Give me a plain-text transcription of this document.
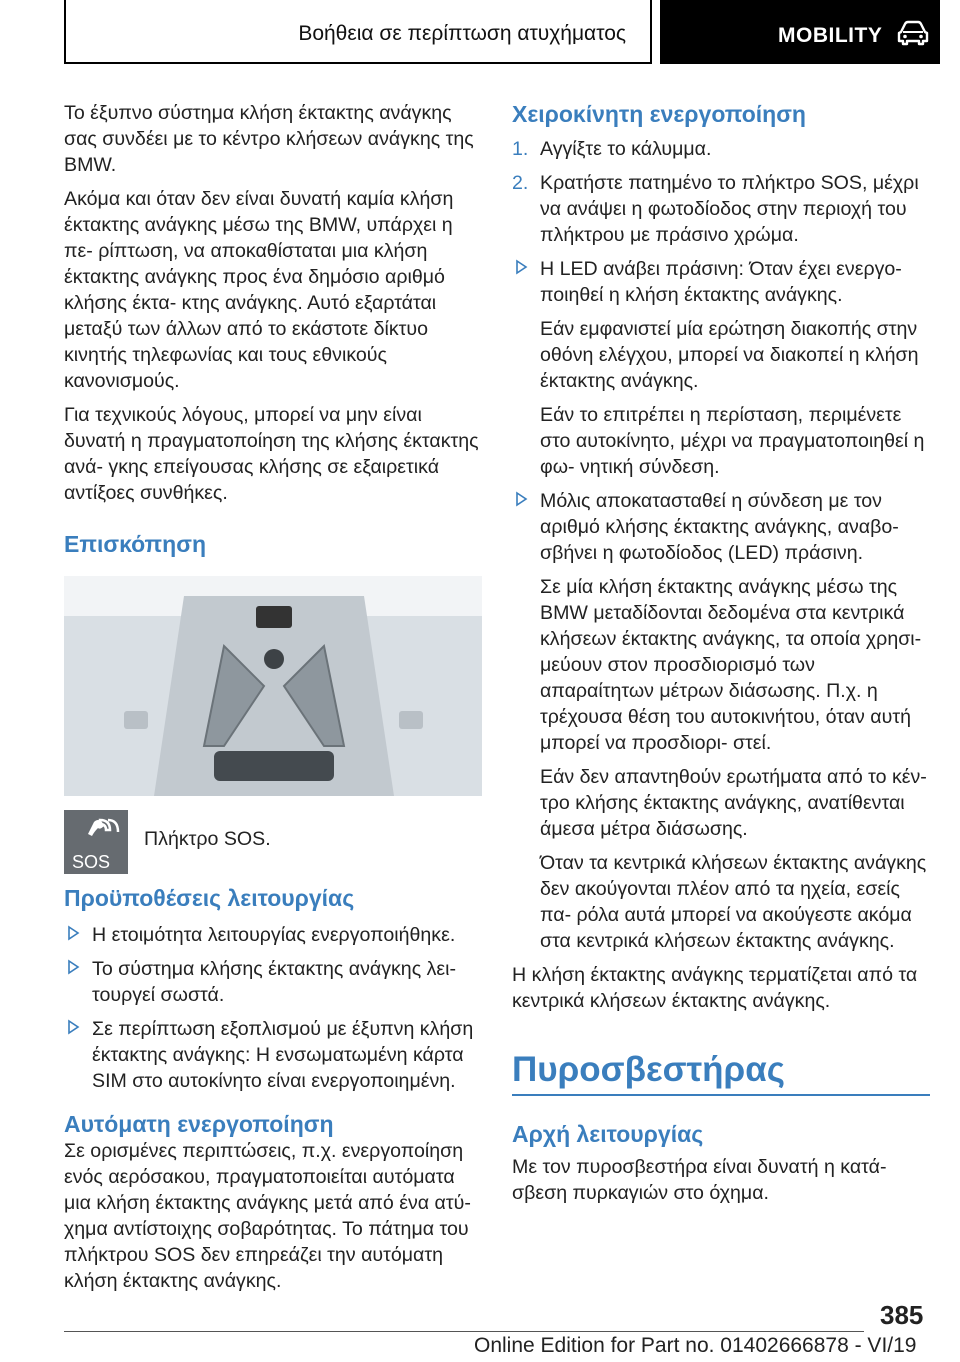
Βοήθεια σε περίπτωση ατυχήματος	MOBILITY

Το έξυπνο σύστημα κλήση έκτακτης ανάγκης σας συνδέει με το κέντρο κλήσεων ανάγκης της BMW.

Ακόμα και όταν δεν είναι δυνατή καμία κλήση έκτακτης ανάγκης μέσω της BMW, υπάρχει η πε‐ ρίπτωση, να αποκαθίσταται μια κλήση έκτακτης ανάγκης προς ένα δημόσιο αριθμό κλήσης έκτα‐ κτης ανάγκης. Αυτό εξαρτάται μεταξύ των άλλων από το εκάστοτε δίκτυο κινητής τηλεφωνίας και τους εθνικούς κανονισμούς.

Για τεχνικούς λόγους, μπορεί να μην είναι δυνατή η πραγματοποίηση της κλήσης έκτακτης ανά‐ γκης επείγουσας κλήσης σε εξαιρετικά αντίξοες συνθήκες.

Επισκόπηση
SOS
Πλήκτρο SOS.
Προϋποθέσεις λειτουργίας
Η ετοιμότητα λειτουργίας ενεργοποιήθηκε.
Το σύστημα κλήσης έκτακτης ανάγκης λει‐ τουργεί σωστά.
Σε περίπτωση εξοπλισμού με έξυπνη κλήση έκτακτης ανάγκης: Η ενσωματωμένη κάρτα SIM στο αυτοκίνητο είναι ενεργοποιημένη.
Αυτόματη ενεργοποίηση

Σε ορισμένες περιπτώσεις, π.χ. ενεργοποίηση ενός αερόσακου, πραγματοποιείται αυτόματα μια κλήση έκτακτης ανάγκης μετά από ένα ατύ‐ χημα αντίστοιχης σοβαρότητας. Το πάτημα του πλήκτρου SOS δεν επηρεάζει την αυτόματη κλήση έκτακτης ανάγκης.

Χειροκίνητη ενεργοποίηση
1. Αγγίξτε το κάλυμμα.
2. Κρατήστε πατημένο το πλήκτρο SOS, μέχρι να ανάψει η φωτοδίοδος στην περιοχή του πλήκτρου με πράσινο χρώμα.
Η LED ανάβει πράσινη: Όταν έχει ενεργο‐ ποιηθεί η κλήση έκτακτης ανάγκης.
Εάν εμφανιστεί μία ερώτηση διακοπής στην οθόνη ελέγχου, μπορεί να διακοπεί η κλήση έκτακτης ανάγκης.
Εάν το επιτρέπει η περίσταση, περιμένετε στο αυτοκίνητο, μέχρι να πραγματοποιηθεί η φω‐ νητική σύνδεση.
Μόλις αποκατασταθεί η σύνδεση με τον αριθμό κλήσης έκτακτης ανάγκης, αναβο‐ σβήνει η φωτοδίοδος (LED) πράσινη.
Σε μία κλήση έκτακτης ανάγκης μέσω της BMW μεταδίδονται δεδομένα στα κεντρικά κλήσεων έκτακτης ανάγκης, τα οποία χρησι‐ μεύουν στον προσδιορισμό των απαραίτητων μέτρων διάσωσης. Π.χ. η τρέχουσα θέση του αυτοκινήτου, όταν αυτή μπορεί να προσδιορι‐ στεί.
Εάν δεν απαντηθούν ερωτήματα από το κέν‐ τρο κλήσης έκτακτης ανάγκης, ανατίθενται άμεσα μέτρα διάσωσης.
Όταν τα κεντρικά κλήσεων έκτακτης ανάγκης δεν ακούγονται πλέον από τα ηχεία, εσείς πα‐ ρόλα αυτά μπορεί να ακούγεστε ακόμα στα κεντρικά κλήσεων έκτακτης ανάγκης.

Η κλήση έκτακτης ανάγκης τερματίζεται από τα κεντρικά κλήσεων έκτακτης ανάγκης.

Πυροσβεστήρας
Αρχή λειτουργίας

Με τον πυροσβεστήρα είναι δυνατή η κατά‐ σβεση πυρκαγιών στο όχημα.

385
Online Edition for Part no. 01402666878 - VI/19
